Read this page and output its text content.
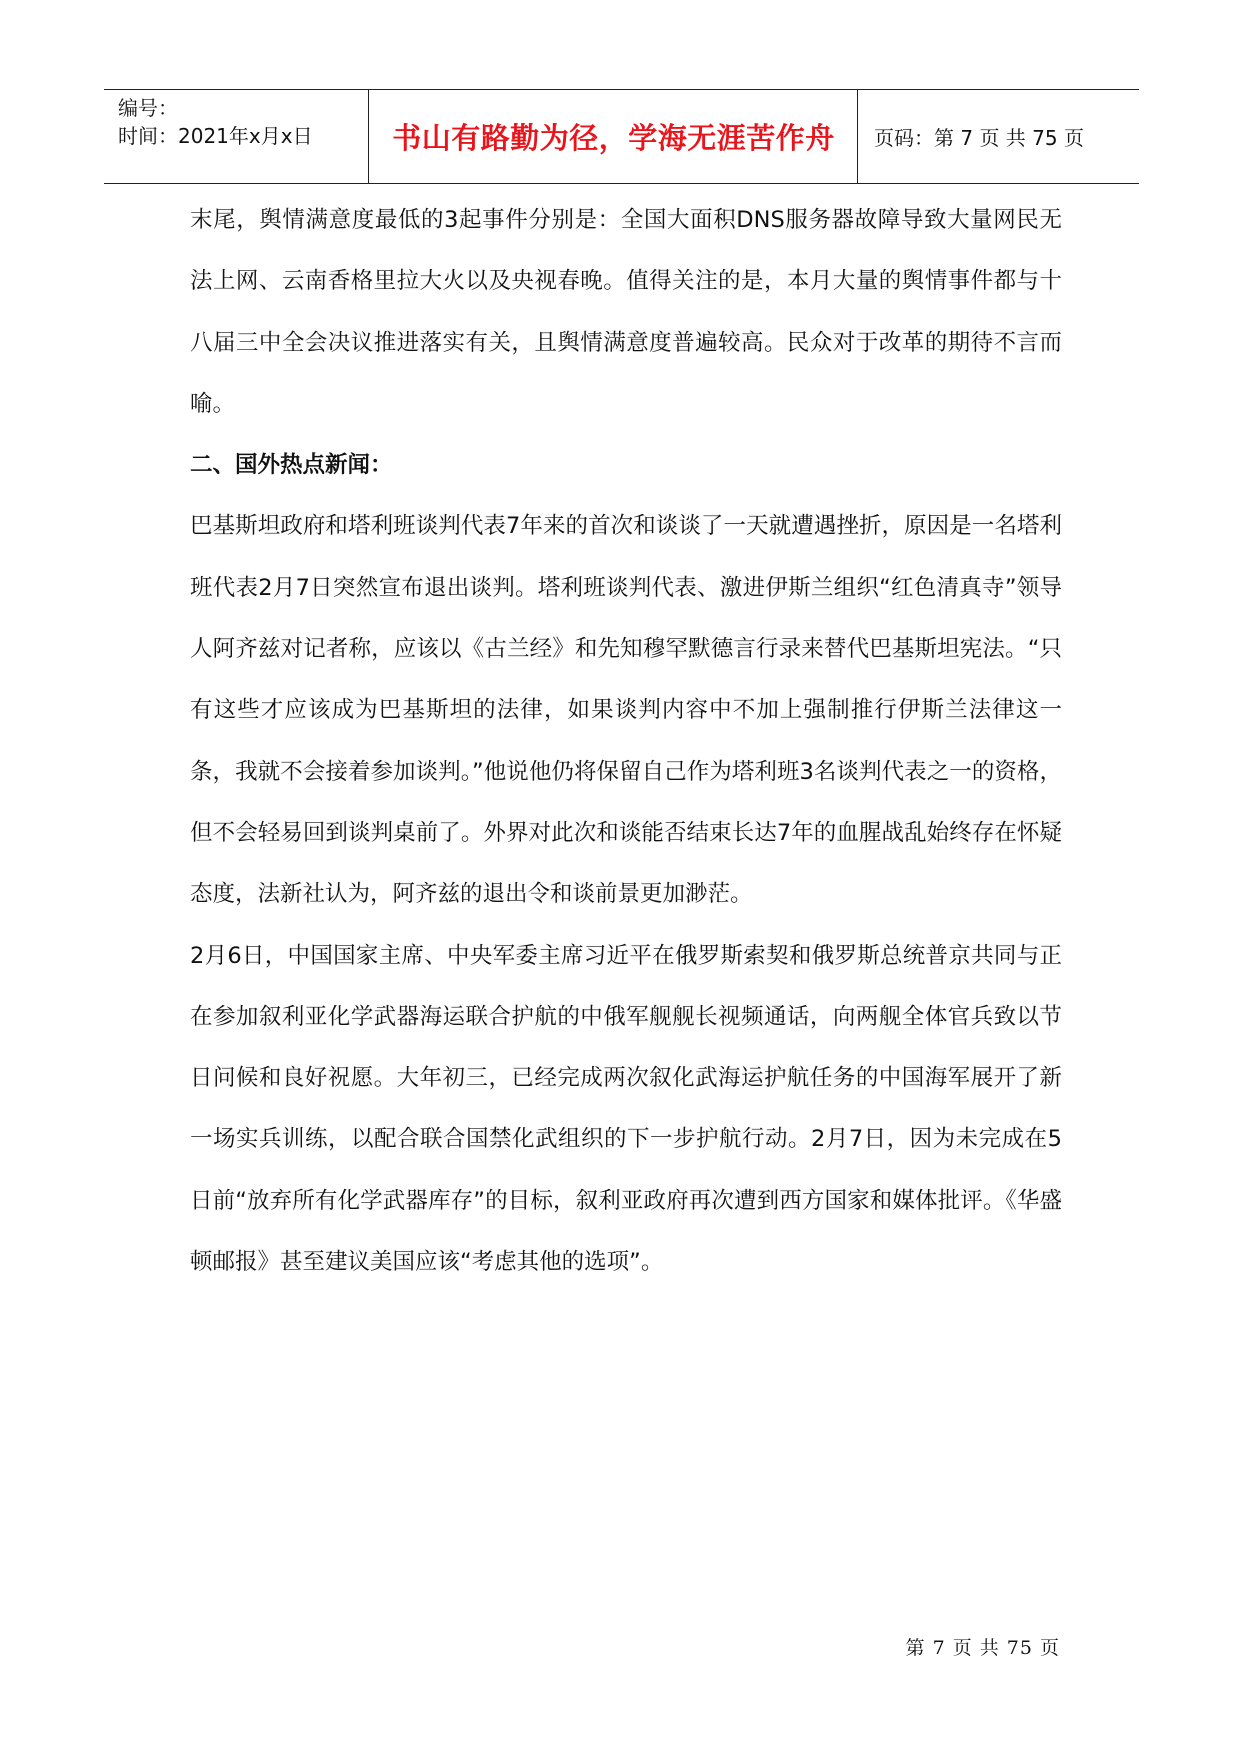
编号：
时间：2021年x月x日	书山有路勤为径，学海无涯苦作舟	页码：第 7 页 共 75 页

末尾，舆情满意度最低的3起事件分别是：全国大面积DNS服务器故障导致大量网民无法上网、云南香格里拉大火以及央视春晚。值得关注的是，本月大量的舆情事件都与十八届三中全会决议推进落实有关，且舆情满意度普遍较高。民众对于改革的期待不言而喻。

二、国外热点新闻：

巴基斯坦政府和塔利班谈判代表7年来的首次和谈谈了一天就遭遇挫折，原因是一名塔利班代表2月7日突然宣布退出谈判。塔利班谈判代表、激进伊斯兰组织“红色清真寺”领导人阿齐兹对记者称，应该以《古兰经》和先知穆罕默德言行录来替代巴基斯坦宪法。“只有这些才应该成为巴基斯坦的法律，如果谈判内容中不加上强制推行伊斯兰法律这一条，我就不会接着参加谈判。”他说他仍将保留自己作为塔利班3名谈判代表之一的资格，但不会轻易回到谈判桌前了。外界对此次和谈能否结束长达7年的血腥战乱始终存在怀疑态度，法新社认为，阿齐兹的退出令和谈前景更加渺茫。

2月6日，中国国家主席、中央军委主席习近平在俄罗斯索契和俄罗斯总统普京共同与正在参加叙利亚化学武器海运联合护航的中俄军舰舰长视频通话，向两舰全体官兵致以节日问候和良好祝愿。大年初三，已经完成两次叙化武海运护航任务的中国海军展开了新一场实兵训练，以配合联合国禁化武组织的下一步护航行动。2月7日，因为未完成在5日前“放弃所有化学武器库存”的目标，叙利亚政府再次遭到西方国家和媒体批评。《华盛顿邮报》甚至建议美国应该“考虑其他的选项”。

第 7 页 共 75 页
